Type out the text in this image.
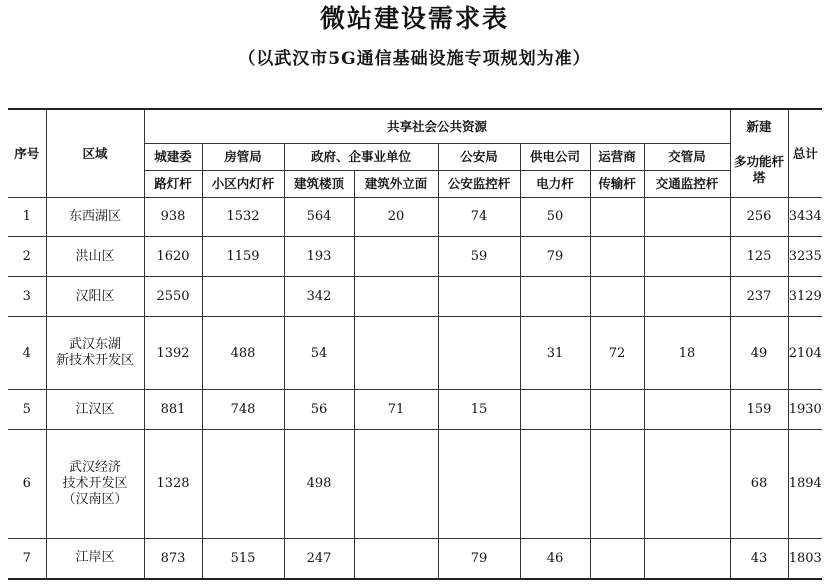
微站建设需求表
（以武汉市5G通信基础设施专项规划为准）
序号	区域	共享社会公共资源								新建	总计
		城建委	房管局	政府、企事业单位		公安局	供电公司	运营商	交管局	多功能杆塔	
		路灯杆	小区内灯杆	建筑楼顶	建筑外立面	公安监控杆	电力杆	传输杆	交通监控杆		
1	东西湖区	938	1532	564	20	74	50			256	3434
2	洪山区	1620	1159	193		59	79			125	3235
3	汉阳区	2550		342						237	3129
4	武汉东湖
新技术开发区	1392	488	54			31	72	18	49	2104
5	江汉区	881	748	56	71	15				159	1930
6	武汉经济
技术开发区
（汉南区）	1328		498						68	1894
7	江岸区	873	515	247		79	46			43	1803
